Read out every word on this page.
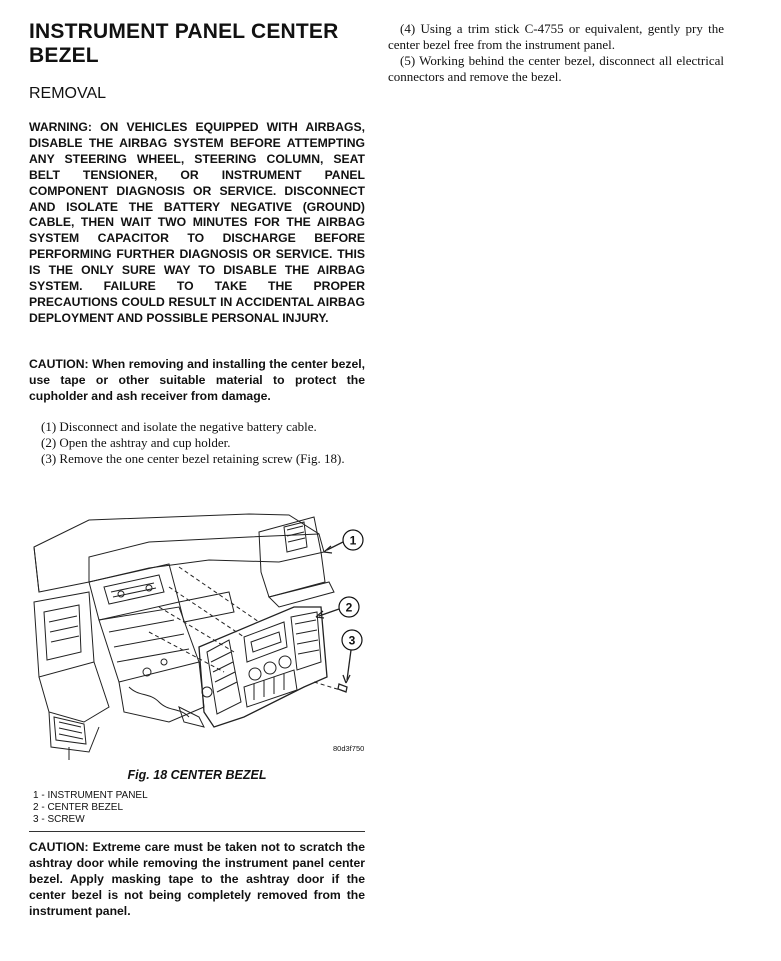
INSTRUMENT PANEL CENTER BEZEL
REMOVAL

WARNING: ON VEHICLES EQUIPPED WITH AIRBAGS, DISABLE THE AIRBAG SYSTEM BEFORE ATTEMPTING ANY STEERING WHEEL, STEERING COLUMN, SEAT BELT TENSIONER, OR INSTRUMENT PANEL COMPONENT DIAGNOSIS OR SERVICE. DISCONNECT AND ISOLATE THE BATTERY NEGATIVE (GROUND) CABLE, THEN WAIT TWO MINUTES FOR THE AIRBAG SYSTEM CAPACITOR TO DISCHARGE BEFORE PERFORMING FURTHER DIAGNOSIS OR SERVICE. THIS IS THE ONLY SURE WAY TO DISABLE THE AIRBAG SYSTEM. FAILURE TO TAKE THE PROPER PRECAUTIONS COULD RESULT IN ACCIDENTAL AIRBAG DEPLOYMENT AND POSSIBLE PERSONAL INJURY.

CAUTION: When removing and installing the center bezel, use tape or other suitable material to protect the cupholder and ash receiver from damage.

(1) Disconnect and isolate the negative battery cable.

(2) Open the ashtray and cup holder.

(3) Remove the one center bezel retaining screw (Fig. 18).

(4) Using a trim stick C-4755 or equivalent, gently pry the center bezel free from the instrument panel.

(5) Working behind the center bezel, disconnect all electrical connectors and remove the bezel.

1
2
3
80d3f750
Fig. 18 CENTER BEZEL
1 - INSTRUMENT PANEL
2 - CENTER BEZEL
3 - SCREW

CAUTION: Extreme care must be taken not to scratch the ashtray door while removing the instrument panel center bezel. Apply masking tape to the ashtray door if the center bezel is not being completely removed from the instrument panel.
